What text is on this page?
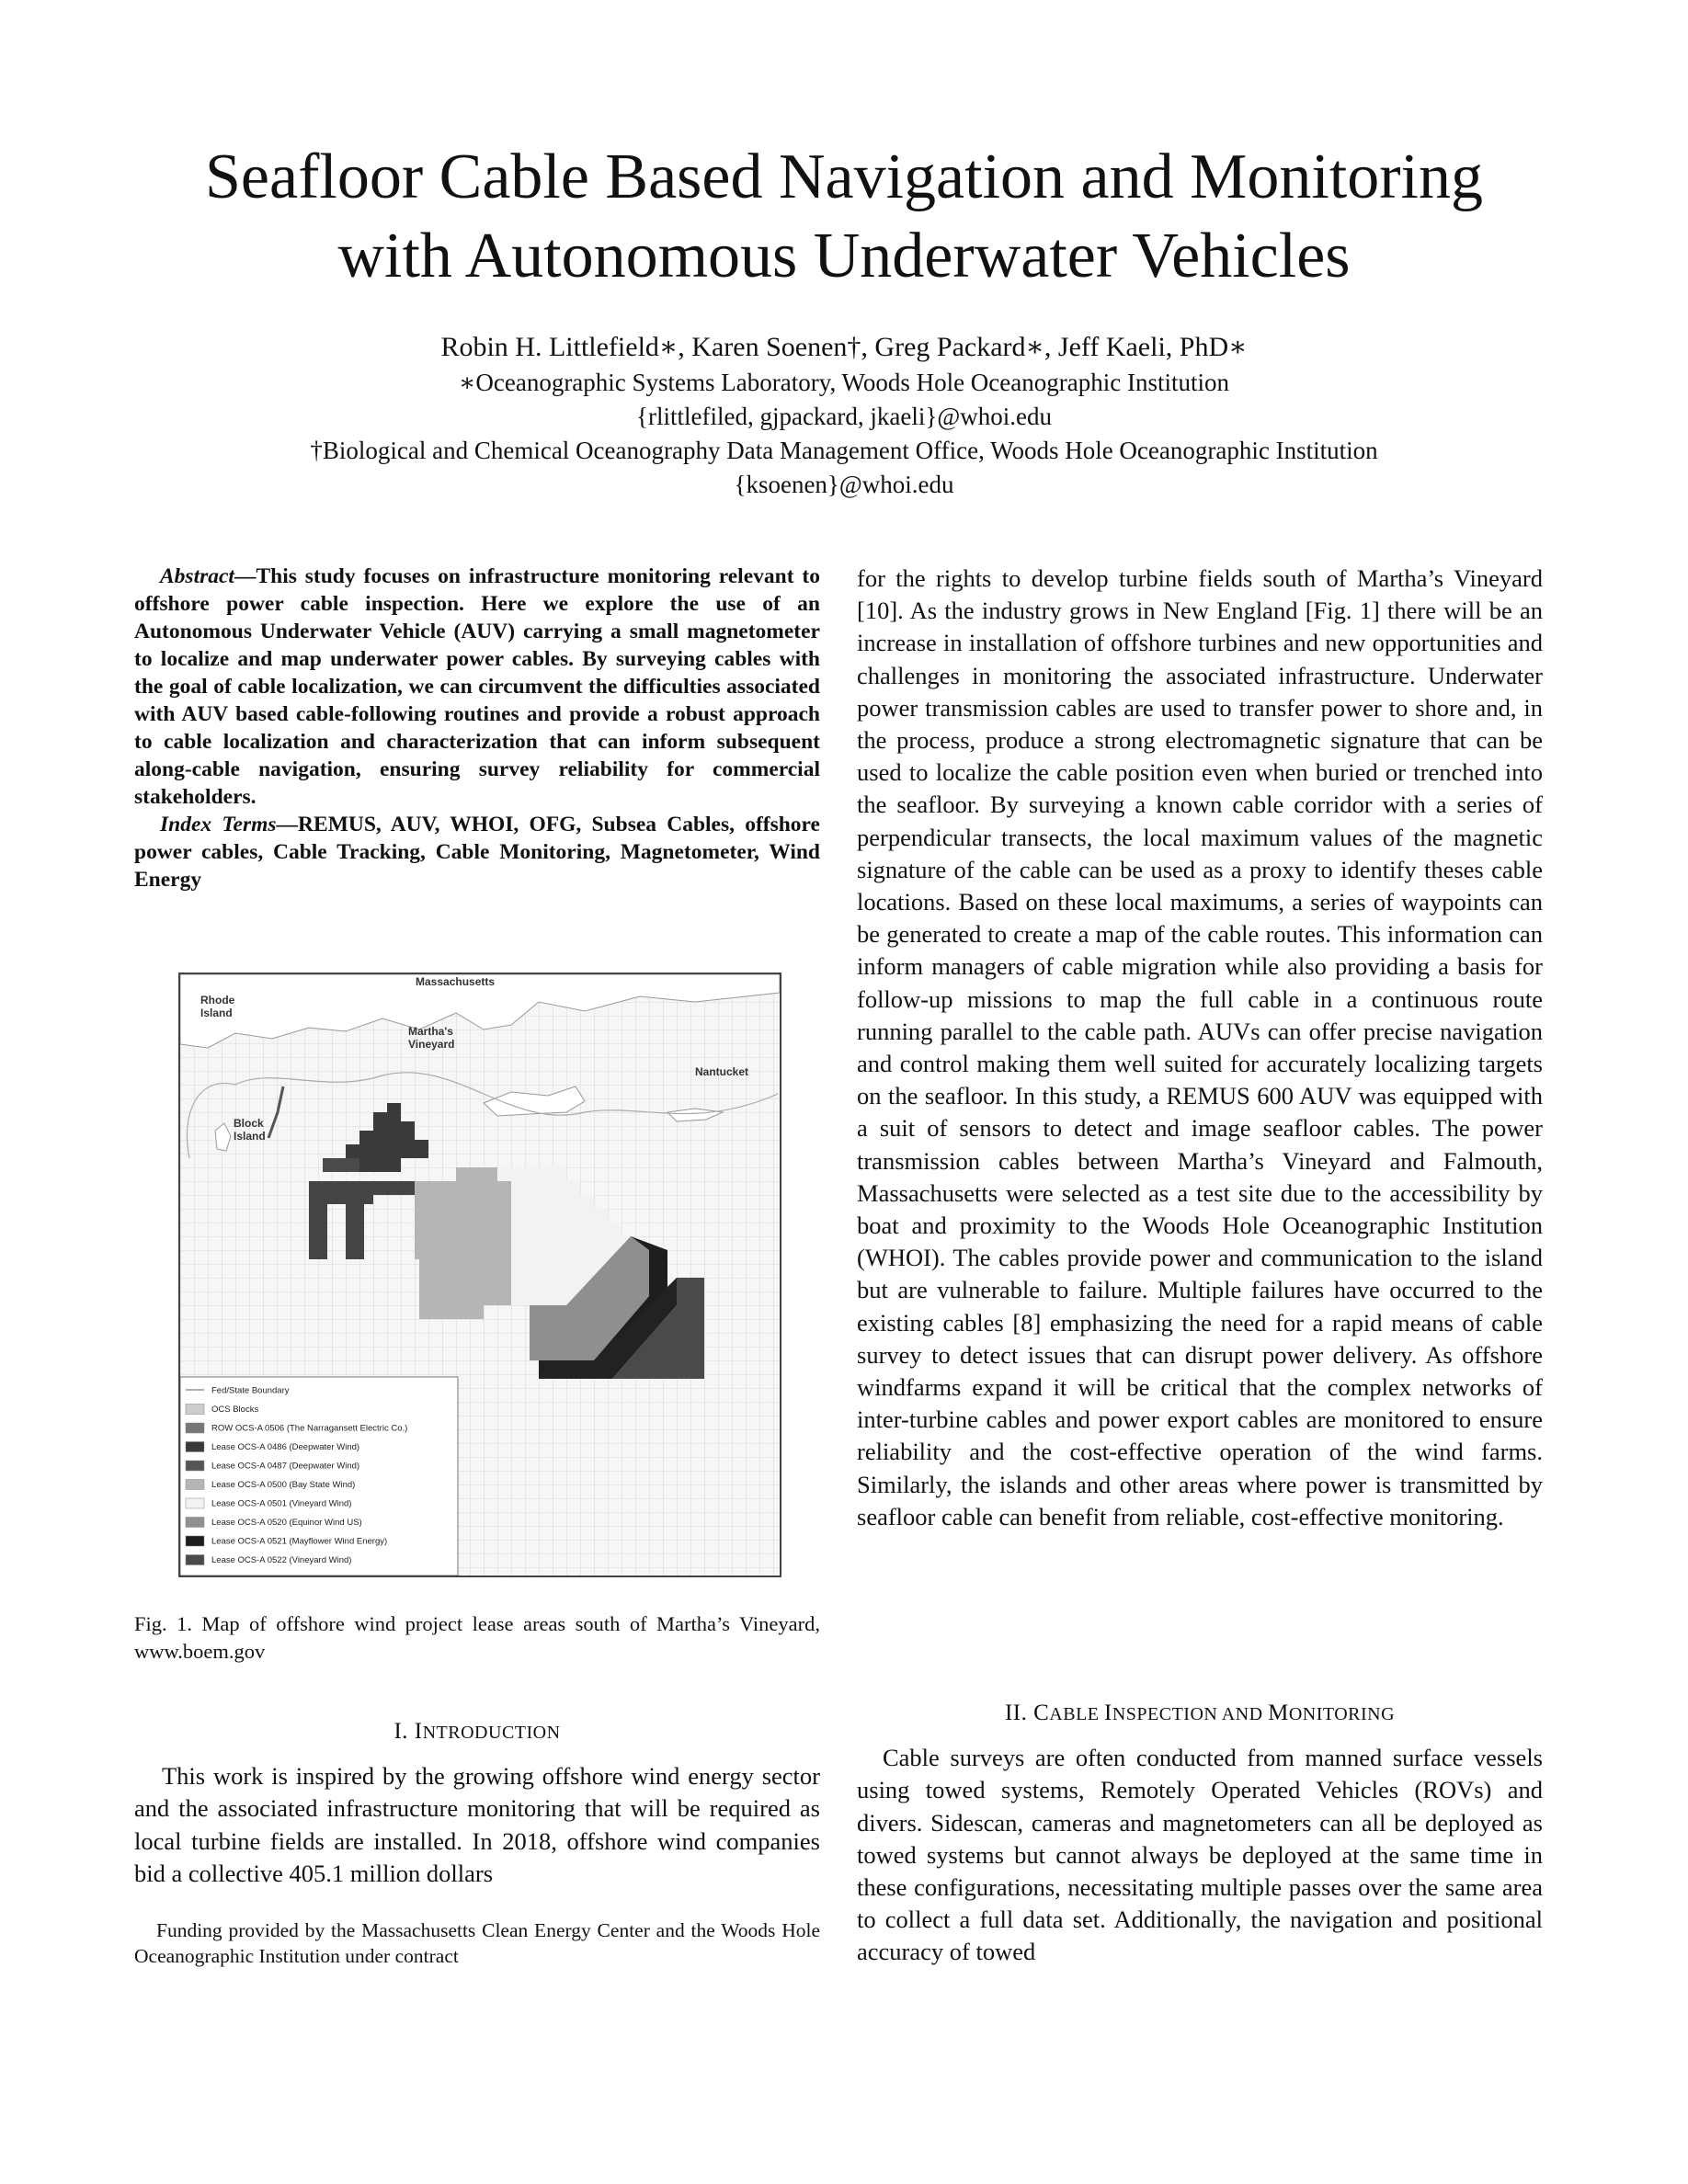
Seafloor Cable Based Navigation and Monitoring
with Autonomous Underwater Vehicles
Robin H. Littlefield∗, Karen Soenen†, Greg Packard∗, Jeff Kaeli, PhD∗
∗Oceanographic Systems Laboratory, Woods Hole Oceanographic Institution
{rlittlefiled, gjpackard, jkaeli}@whoi.edu
†Biological and Chemical Oceanography Data Management Office, Woods Hole Oceanographic Institution
{ksoenen}@whoi.edu

Abstract—This study focuses on infrastructure monitoring relevant to offshore power cable inspection. Here we explore the use of an Autonomous Underwater Vehicle (AUV) carrying a small magnetometer to localize and map underwater power cables. By surveying cables with the goal of cable localization, we can circumvent the difficulties associated with AUV based cable-following routines and provide a robust approach to cable localization and characterization that can inform subsequent along-cable navigation, ensuring survey reliability for commercial stakeholders.

Index Terms—REMUS, AUV, WHOI, OFG, Subsea Cables, offshore power cables, Cable Tracking, Cable Monitoring, Magnetometer, Wind Energy

Massachusetts
Rhode
Island
Martha's
Vineyard
Nantucket
Block
Island
Fed/State Boundary
OCS Blocks
ROW OCS-A 0506 (The Narragansett Electric Co.)
Lease OCS-A 0486 (Deepwater Wind)
Lease OCS-A 0487 (Deepwater Wind)
Lease OCS-A 0500 (Bay State Wind)
Lease OCS-A 0501 (Vineyard Wind)
Lease OCS-A 0520 (Equinor Wind US)
Lease OCS-A 0521 (Mayflower Wind Energy)
Lease OCS-A 0522 (Vineyard Wind)
Fig. 1. Map of offshore wind project lease areas south of Martha’s Vineyard, www.boem.gov
I. INTRODUCTION

This work is inspired by the growing offshore wind energy sector and the associated infrastructure monitoring that will be required as local turbine fields are installed. In 2018, offshore wind companies bid a collective 405.1 million dollars

Funding provided by the Massachusetts Clean Energy Center and the Woods Hole Oceanographic Institution under contract

for the rights to develop turbine fields south of Martha’s Vineyard [10]. As the industry grows in New England [Fig. 1] there will be an increase in installation of offshore turbines and new opportunities and challenges in monitoring the associated infrastructure. Underwater power transmission cables are used to transfer power to shore and, in the process, produce a strong electromagnetic signature that can be used to localize the cable position even when buried or trenched into the seafloor. By surveying a known cable corridor with a series of perpendicular transects, the local maximum values of the magnetic signature of the cable can be used as a proxy to identify theses cable locations. Based on these local maximums, a series of waypoints can be generated to create a map of the cable routes. This information can inform managers of cable migration while also providing a basis for follow-up missions to map the full cable in a continuous route running parallel to the cable path. AUVs can offer precise navigation and control making them well suited for accurately localizing targets on the seafloor. In this study, a REMUS 600 AUV was equipped with a suit of sensors to detect and image seafloor cables. The power transmission cables between Martha’s Vineyard and Falmouth, Massachusetts were selected as a test site due to the accessibility by boat and proximity to the Woods Hole Oceanographic Institution (WHOI). The cables provide power and communication to the island but are vulnerable to failure. Multiple failures have occurred to the existing cables [8] emphasizing the need for a rapid means of cable survey to detect issues that can disrupt power delivery. As offshore windfarms expand it will be critical that the complex networks of inter-turbine cables and power export cables are monitored to ensure reliability and the cost-effective operation of the wind farms. Similarly, the islands and other areas where power is transmitted by seafloor cable can benefit from reliable, cost-effective monitoring.

II. CABLE INSPECTION AND MONITORING

Cable surveys are often conducted from manned surface vessels using towed systems, Remotely Operated Vehicles (ROVs) and divers. Sidescan, cameras and magnetometers can all be deployed as towed systems but cannot always be deployed at the same time in these configurations, necessitating multiple passes over the same area to collect a full data set. Additionally, the navigation and positional accuracy of towed
